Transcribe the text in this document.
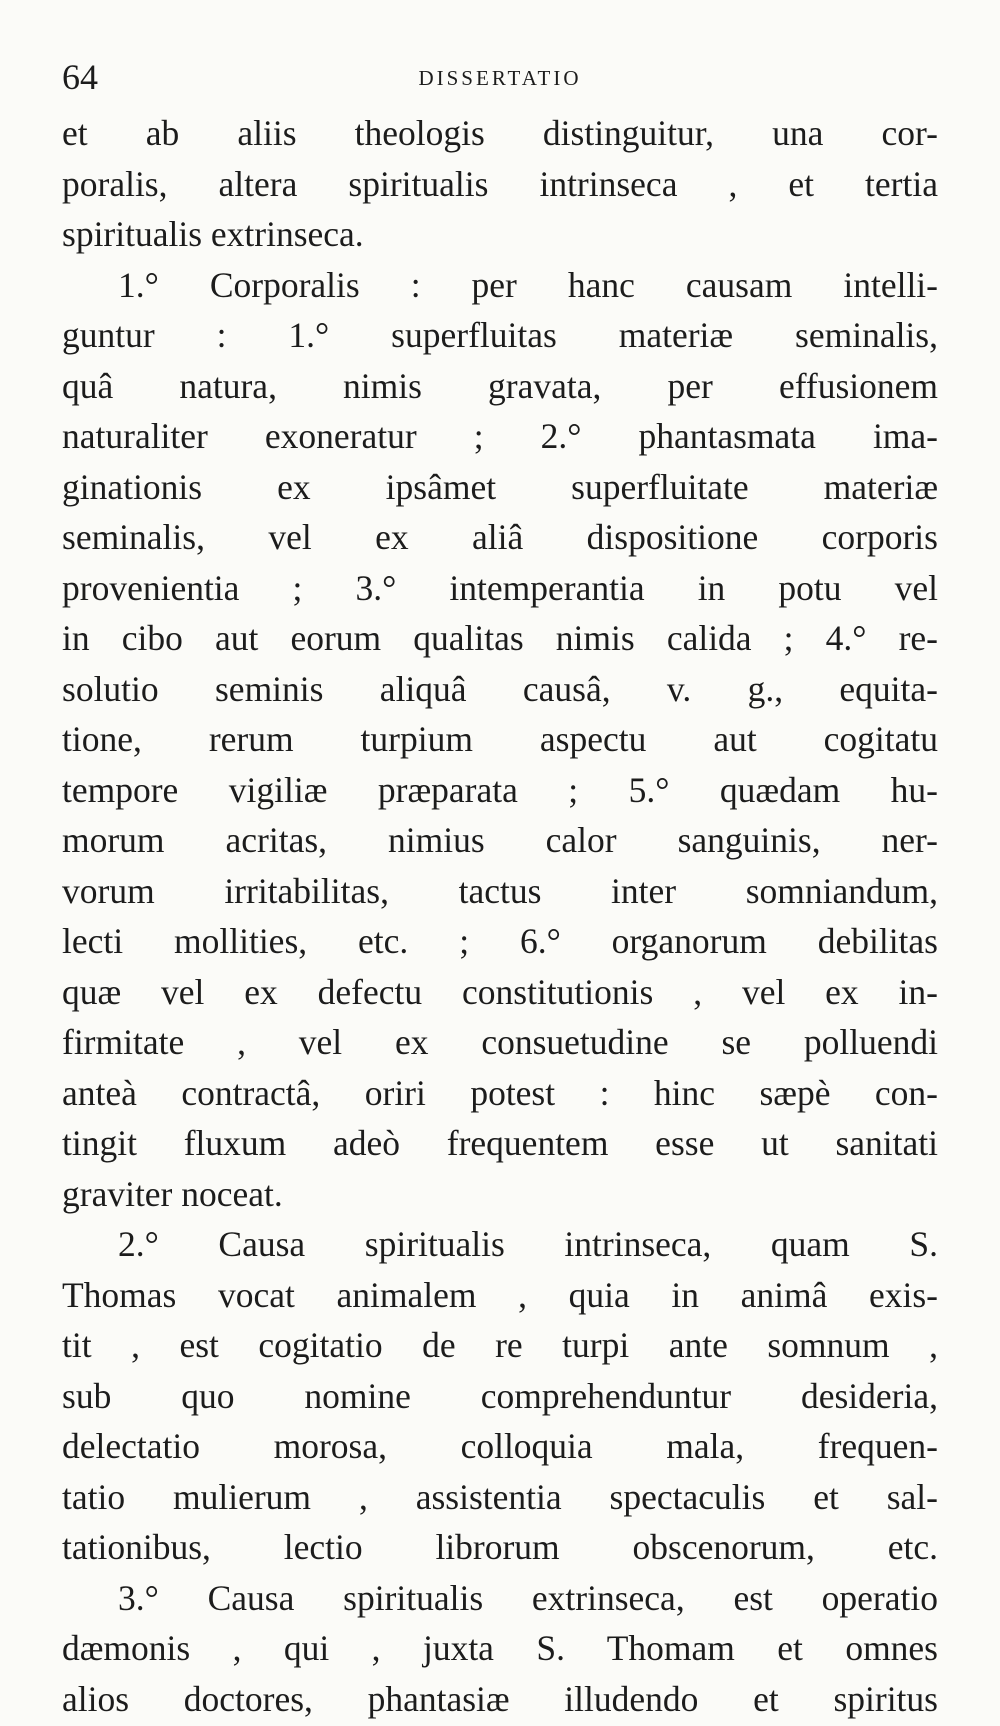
64	DISSERTATIO
et ab aliis theologis distinguitur, una cor-
poralis, altera spiritualis intrinseca , et tertia
spiritualis extrinseca.
1.° Corporalis : per hanc causam intelli-
guntur : 1.° superfluitas materiæ seminalis,
quâ natura, nimis gravata, per effusionem
naturaliter exoneratur ; 2.° phantasmata ima-
ginationis ex ipsâmet superfluitate materiæ
seminalis, vel ex aliâ dispositione corporis
provenientia ; 3.° intemperantia in potu vel
in cibo aut eorum qualitas nimis calida ; 4.° re-
solutio seminis aliquâ causâ, v. g., equita-
tione, rerum turpium aspectu aut cogitatu
tempore vigiliæ præparata ; 5.° quædam hu-
morum acritas, nimius calor sanguinis, ner-
vorum irritabilitas, tactus inter somniandum,
lecti mollities, etc. ; 6.° organorum debilitas
quæ vel ex defectu constitutionis , vel ex in-
firmitate , vel ex consuetudine se polluendi
anteà contractâ, oriri potest : hinc sæpè con-
tingit fluxum adeò frequentem esse ut sanitati
graviter noceat.
2.° Causa spiritualis intrinseca, quam S.
Thomas vocat animalem , quia in animâ exis-
tit , est cogitatio de re turpi ante somnum ,
sub quo nomine comprehenduntur desideria,
delectatio morosa, colloquia mala, frequen-
tatio mulierum , assistentia spectaculis et sal-
tationibus, lectio librorum obscenorum, etc.
3.° Causa spiritualis extrinseca, est operatio
dæmonis , qui , juxta S. Thomam et omnes
alios doctores, phantasiæ illudendo et spiritus
